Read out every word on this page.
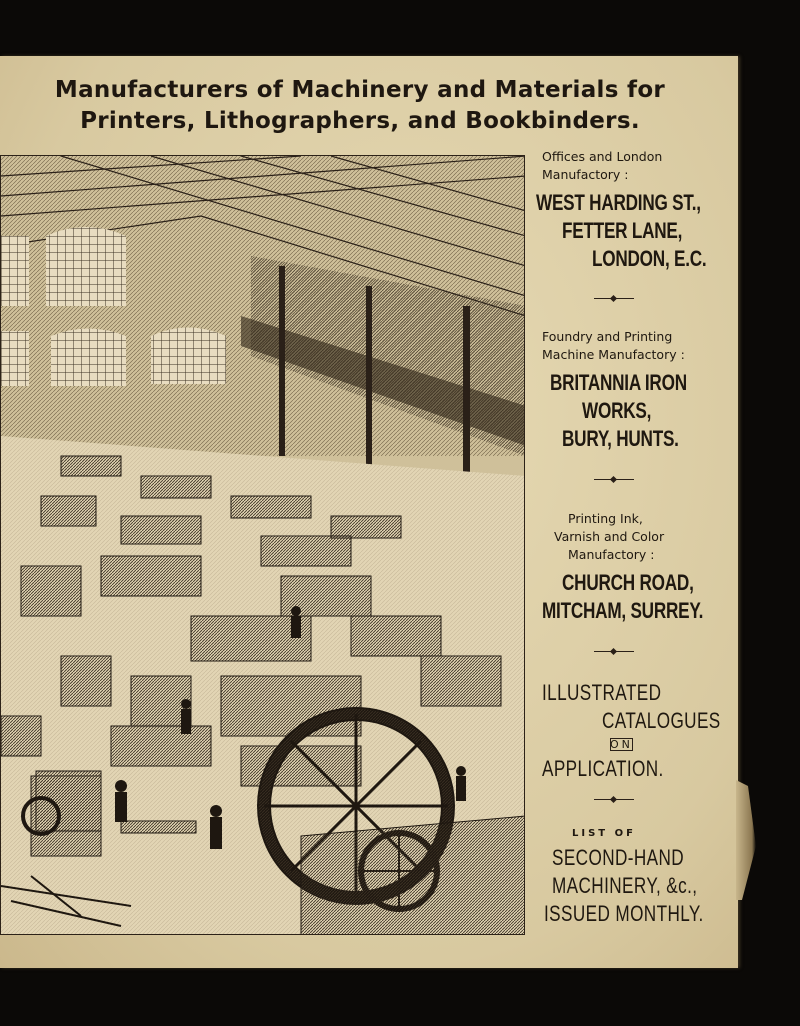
Manufacturers of Machinery and Materials for
Printers, Lithographers, and Bookbinders.
Offices and London
Manufactory :
WEST HARDING ST.,
FETTER LANE,
LONDON, E.C.
Foundry and Printing
Machine Manufactory :
BRITANNIA IRON
WORKS,
BURY, HUNTS.
Printing Ink,
Varnish and Color
Manufactory :
CHURCH ROAD,
MITCHAM, SURREY.
ILLUSTRATED
CATALOGUES
ON
APPLICATION.
LIST OF
SECOND-HAND
MACHINERY, &c.,
ISSUED MONTHLY.
